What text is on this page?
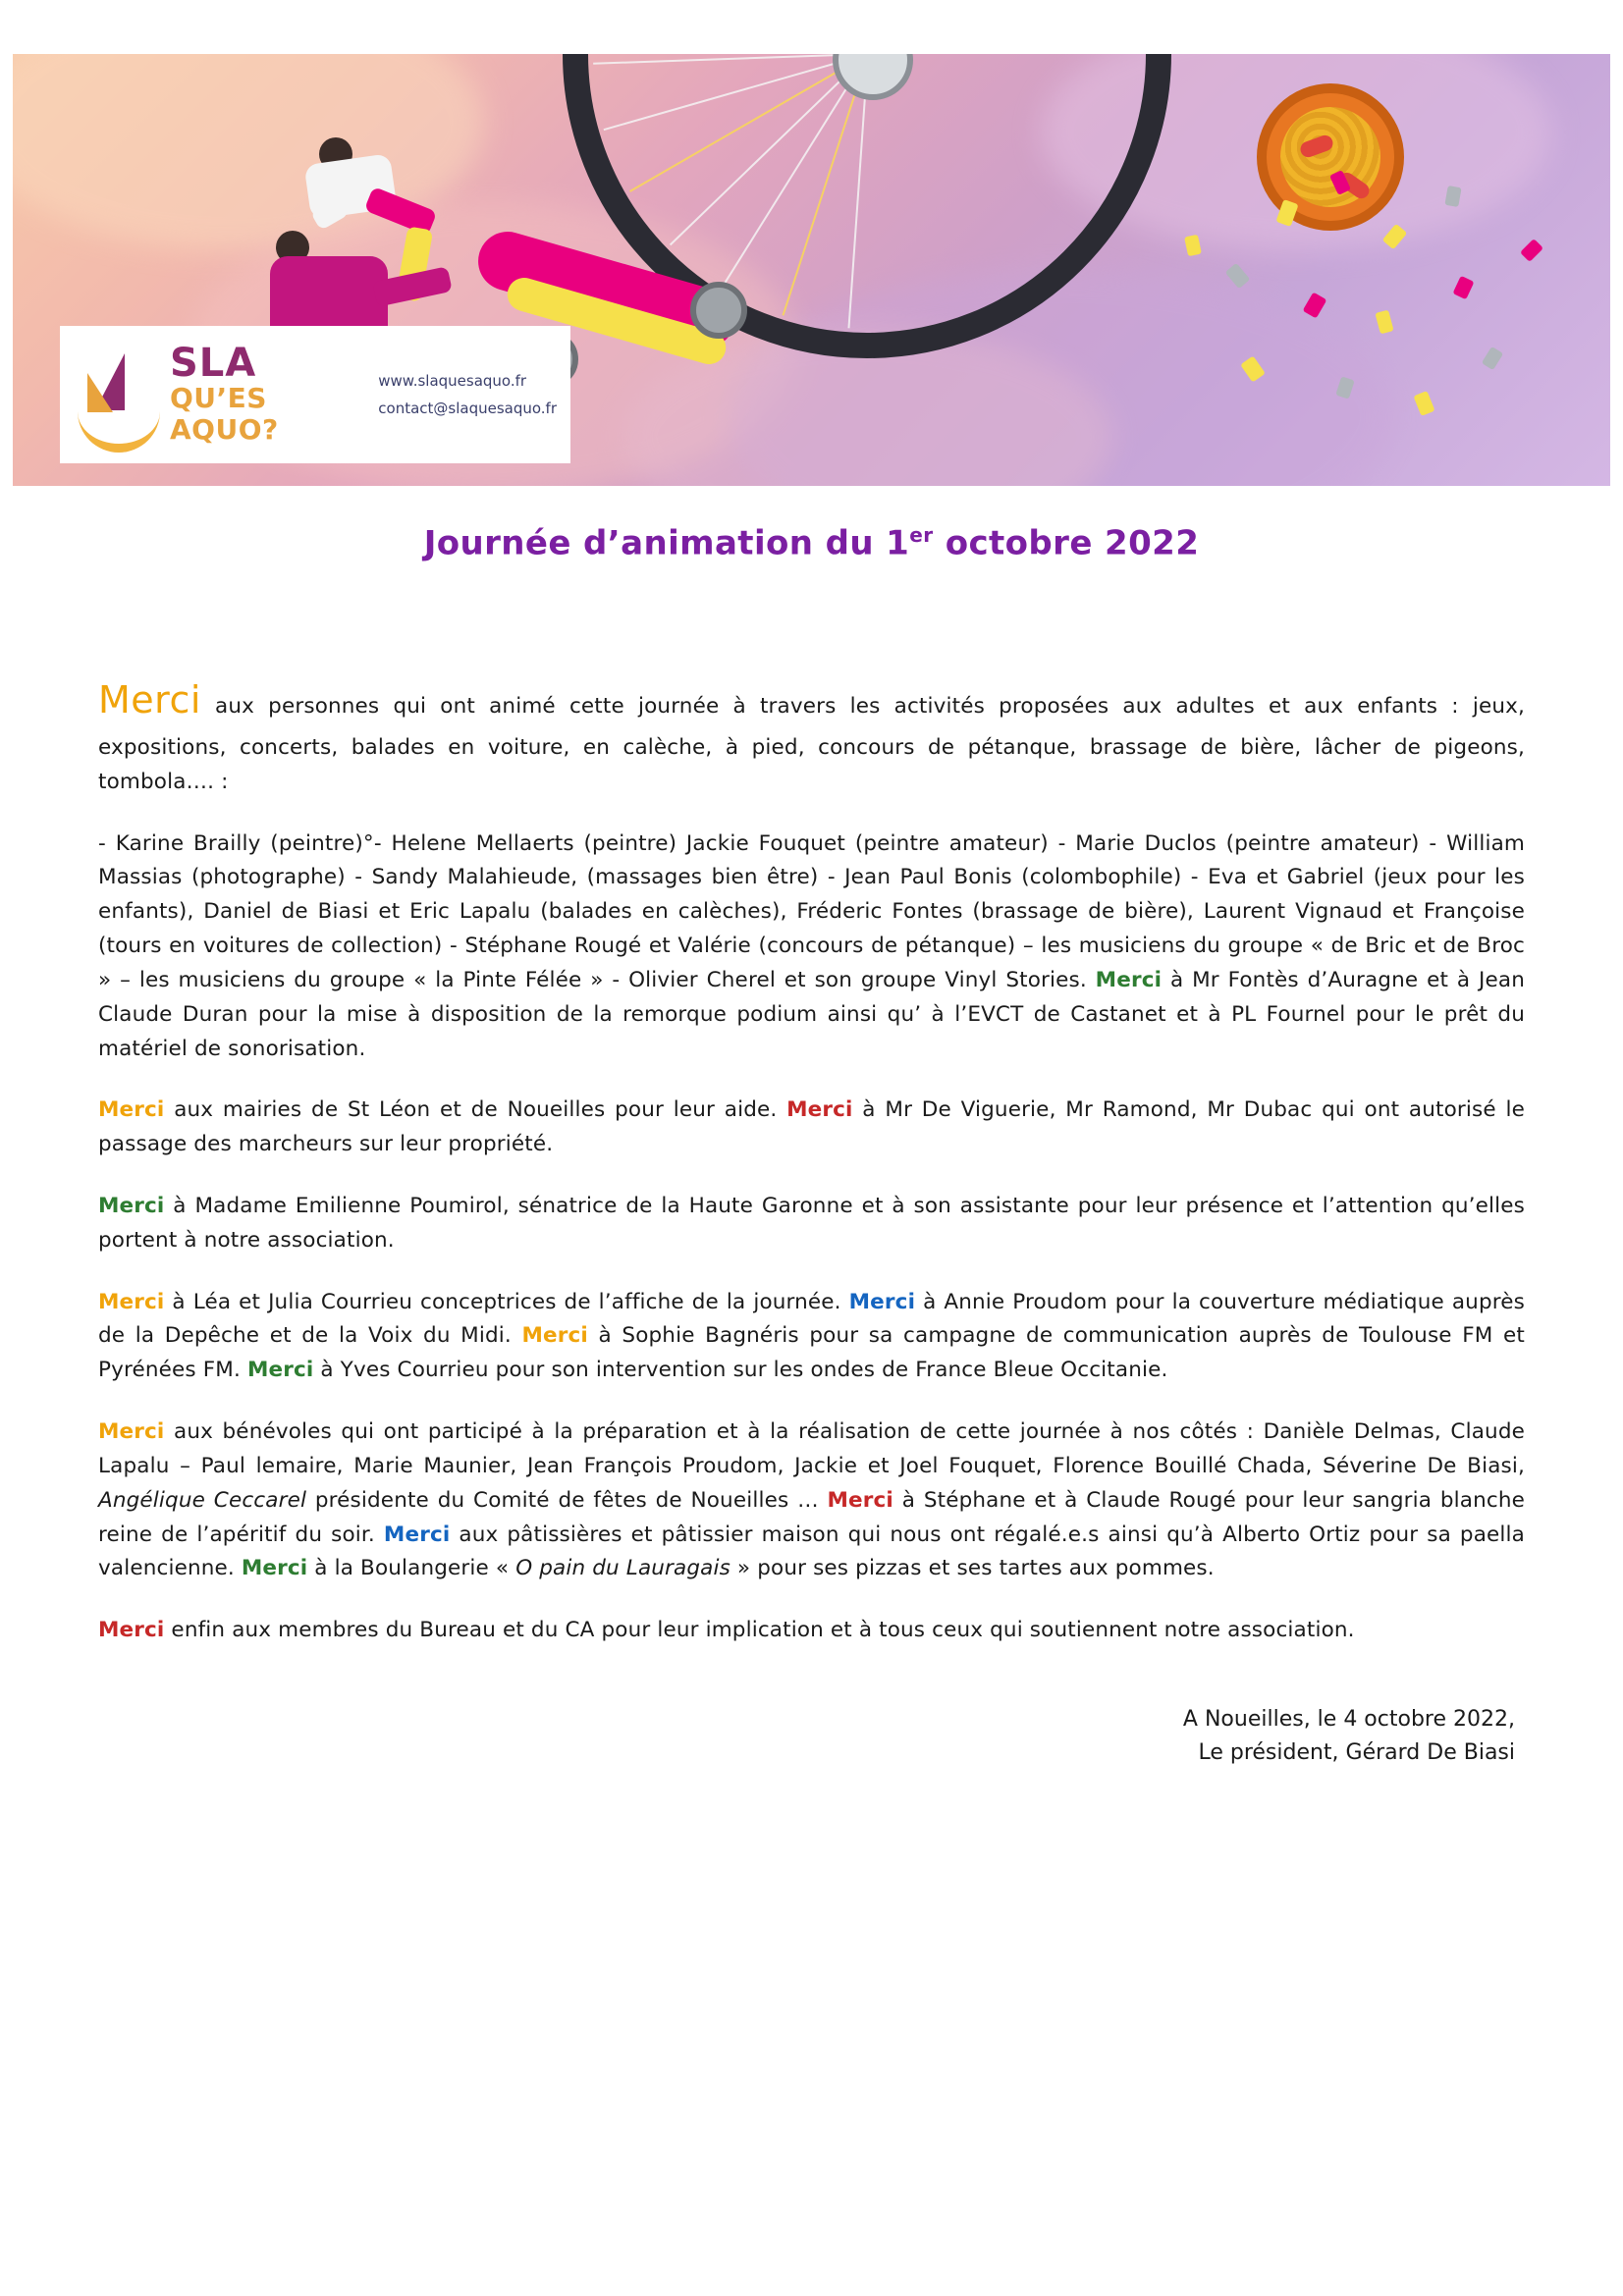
SLA
QU’ES AQUO?
www.slaquesaquo.fr
contact@slaquesaquo.fr
Journée d’animation du 1er octobre 2022

Merci aux personnes qui ont animé cette journée à travers les activités proposées aux adultes et aux enfants : jeux, expositions, concerts, balades en voiture, en calèche, à pied, concours de pétanque, brassage de bière, lâcher de pigeons, tombola…. :

- Karine Brailly (peintre)°- Helene Mellaerts (peintre) Jackie Fouquet (peintre amateur) - Marie Duclos (peintre amateur) - William Massias (photographe) - Sandy Malahieude, (massages bien être) - Jean Paul Bonis (colombophile) - Eva et Gabriel (jeux pour les enfants), Daniel de Biasi et Eric Lapalu (balades en calèches), Fréderic Fontes (brassage de bière), Laurent Vignaud et Françoise (tours en voitures de collection) - Stéphane Rougé et Valérie (concours de pétanque) – les musiciens du groupe « de Bric et de Broc » – les musiciens du groupe « la Pinte Félée » - Olivier Cherel et son groupe Vinyl Stories. Merci à Mr Fontès d’Auragne et à Jean Claude Duran pour la mise à disposition de la remorque podium ainsi qu’ à l’EVCT de Castanet et à PL Fournel pour le prêt du matériel de sonorisation.

Merci aux mairies de St Léon et de Noueilles pour leur aide. Merci à Mr De Viguerie, Mr Ramond, Mr Dubac qui ont autorisé le passage des marcheurs sur leur propriété.

Merci à Madame Emilienne Poumirol, sénatrice de la Haute Garonne et à son assistante pour leur présence et l’attention qu’elles portent à notre association.

Merci à Léa et Julia Courrieu conceptrices de l’affiche de la journée. Merci à Annie Proudom pour la couverture médiatique auprès de la Depêche et de la Voix du Midi. Merci à Sophie Bagnéris pour sa campagne de communication auprès de Toulouse FM et Pyrénées FM. Merci à Yves Courrieu pour son intervention sur les ondes de France Bleue Occitanie.

Merci aux bénévoles qui ont participé à la préparation et à la réalisation de cette journée à nos côtés : Danièle Delmas, Claude Lapalu – Paul lemaire, Marie Maunier, Jean François Proudom, Jackie et Joel Fouquet, Florence Bouillé Chada, Séverine De Biasi, Angélique Ceccarel présidente du Comité de fêtes de Noueilles … Merci à Stéphane et à Claude Rougé pour leur sangria blanche reine de l’apéritif du soir. Merci aux pâtissières et pâtissier maison qui nous ont régalé.e.s ainsi qu’à Alberto Ortiz pour sa paella valencienne. Merci à la Boulangerie « O pain du Lauragais » pour ses pizzas et ses tartes aux pommes.

Merci enfin aux membres du Bureau et du CA pour leur implication et à tous ceux qui soutiennent notre association.

A Noueilles, le 4 octobre 2022,
Le président, Gérard De Biasi
